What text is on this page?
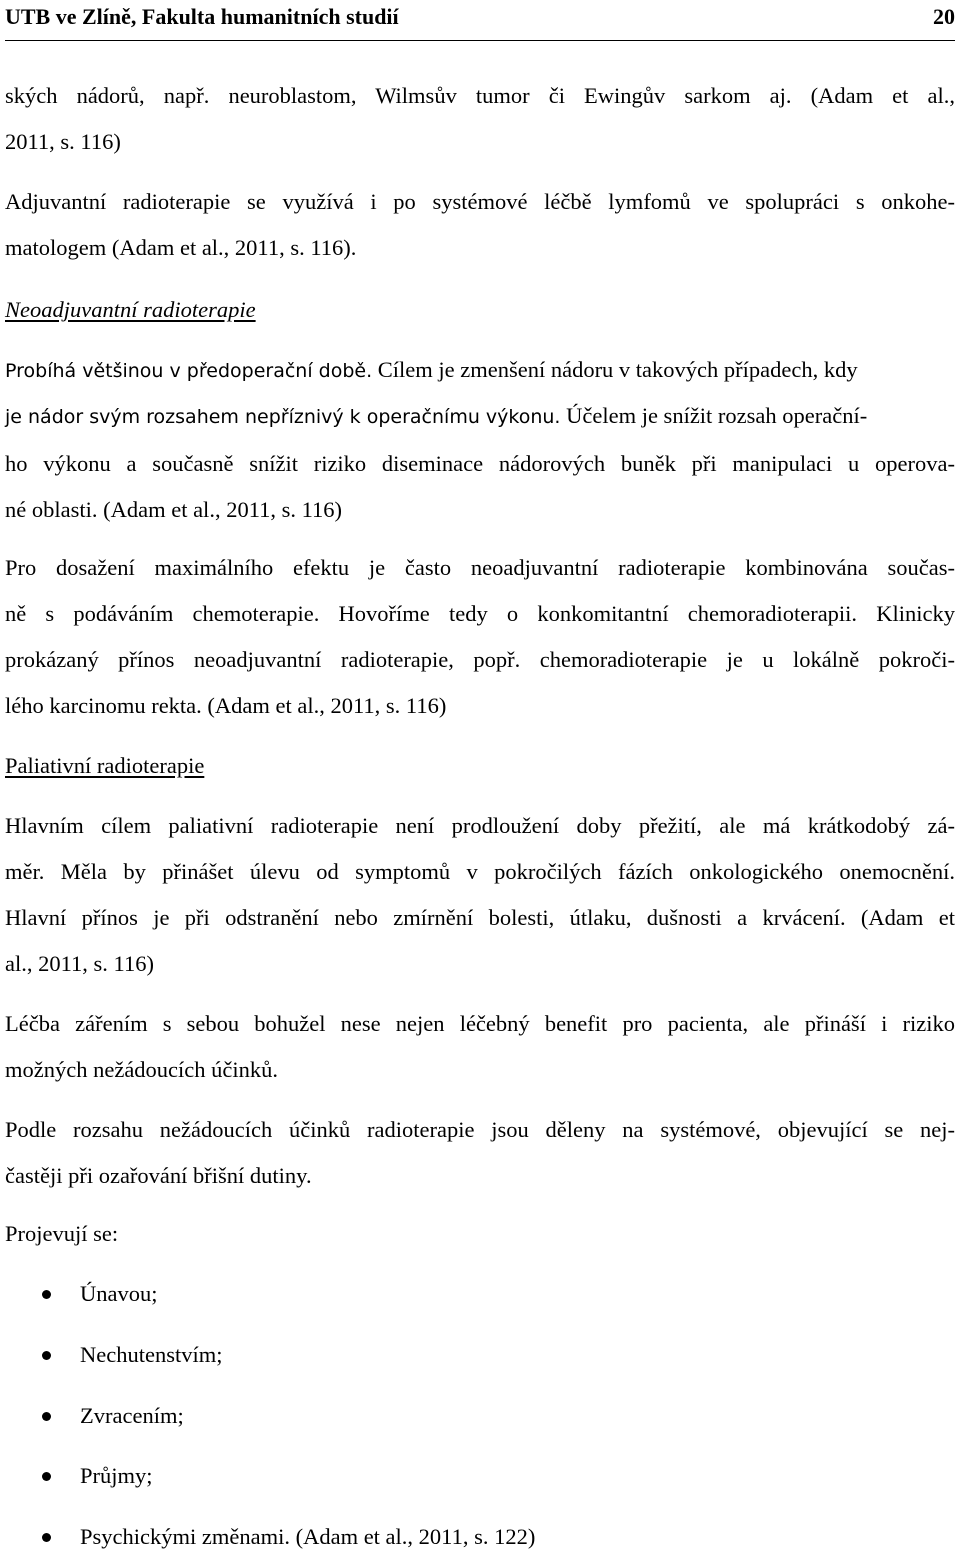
UTB ve Zlíně, Fakulta humanitních studií	20
ských nádorů, např. neuroblastom, Wilmsův tumor či Ewingův sarkom aj. (Adam et al.,
2011, s. 116)
Adjuvantní radioterapie se využívá i po systémové léčbě lymfomů ve spolupráci s onkohe-
matologem (Adam et al., 2011, s. 116).
Neoadjuvantní radioterapie
Probíhá většinou v předoperační době. Cílem je zmenšení nádoru v takových případech, kdy
je nádor svým rozsahem nepříznivý k operačnímu výkonu. Účelem je snížit rozsah operační-
ho výkonu a současně snížit riziko diseminace nádorových buněk při manipulaci u operova-
né oblasti. (Adam et al., 2011, s. 116)
Pro dosažení maximálního efektu je často neoadjuvantní radioterapie kombinována součas-
ně s podáváním chemoterapie. Hovoříme tedy o konkomitantní chemoradioterapii. Klinicky
prokázaný přínos neoadjuvantní radioterapie, popř. chemoradioterapie je u lokálně pokroči-
lého karcinomu rekta. (Adam et al., 2011, s. 116)
Paliativní radioterapie
Hlavním cílem paliativní radioterapie není prodloužení doby přežití, ale má krátkodobý zá-
měr. Měla by přinášet úlevu od symptomů v pokročilých fázích onkologického onemocnění.
Hlavní přínos je při odstranění nebo zmírnění bolesti, útlaku, dušnosti a krvácení. (Adam et
al., 2011, s. 116)
Léčba zářením s sebou bohužel nese nejen léčebný benefit pro pacienta, ale přináší i riziko
možných nežádoucích účinků.
Podle rozsahu nežádoucích účinků radioterapie jsou děleny na systémové, objevující se nej-
častěji při ozařování břišní dutiny.
Projevují se:
Únavou;
Nechutenstvím;
Zvracením;
Průjmy;
Psychickými změnami. (Adam et al., 2011, s. 122)
